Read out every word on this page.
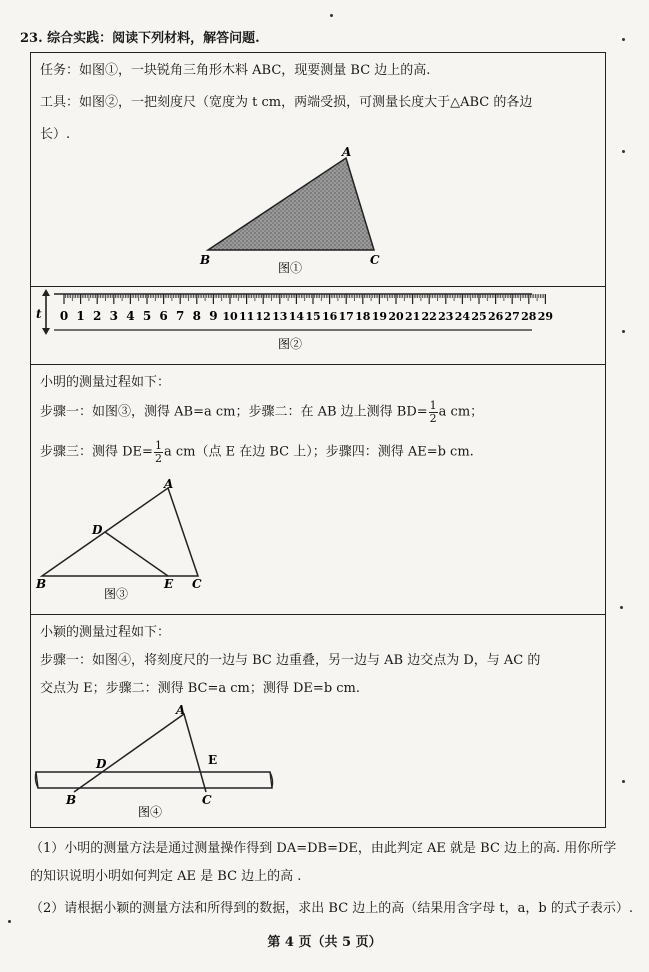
23. 综合实践：阅读下列材料，解答问题.
任务：如图①，一块锐角三角形木料 ABC，现要测量 BC 边上的高.
工具：如图②，一把刻度尺（宽度为 t cm，两端受损，可测量长度大于△ABC 的各边
长）.
A
B	C
图①
t 0 1 2 3 4 5 6 7 8 9 10 11 12 13 14 15 16 17 18 19 20 21 22 23 24 25 26 27 28 29
图②
小明的测量过程如下：
步骤一：如图③，测得 AB=a cm；步骤二：在 AB 边上测得 $BD= \frac{1}{2}$ a cm；
步骤三：测得 $DE= \frac{1}{2}$ a cm（点 E 在边 BC 上）；步骤四：测得 AE=b cm.
A
D
B	E C
图③
小颖的测量过程如下：
步骤一：如图④，将刻度尺的一边与 BC 边重叠，另一边与 AB 边交点为 D，与 AC 的
交点为 E；步骤二：测得 BC=a cm；测得 DE=b cm.
A
D	E
B	C
图④
（1）小明的测量方法是通过测量操作得到 DA=DB=DE，由此判定 AE 就是 BC 边上的高. 用你所学
的知识说明小明如何判定 AE 是 BC 边上的高 .
（2）请根据小颖的测量方法和所得到的数据，求出 BC 边上的高（结果用含字母 t，a，b 的式子表示）.
第 4 页（共 5 页）
